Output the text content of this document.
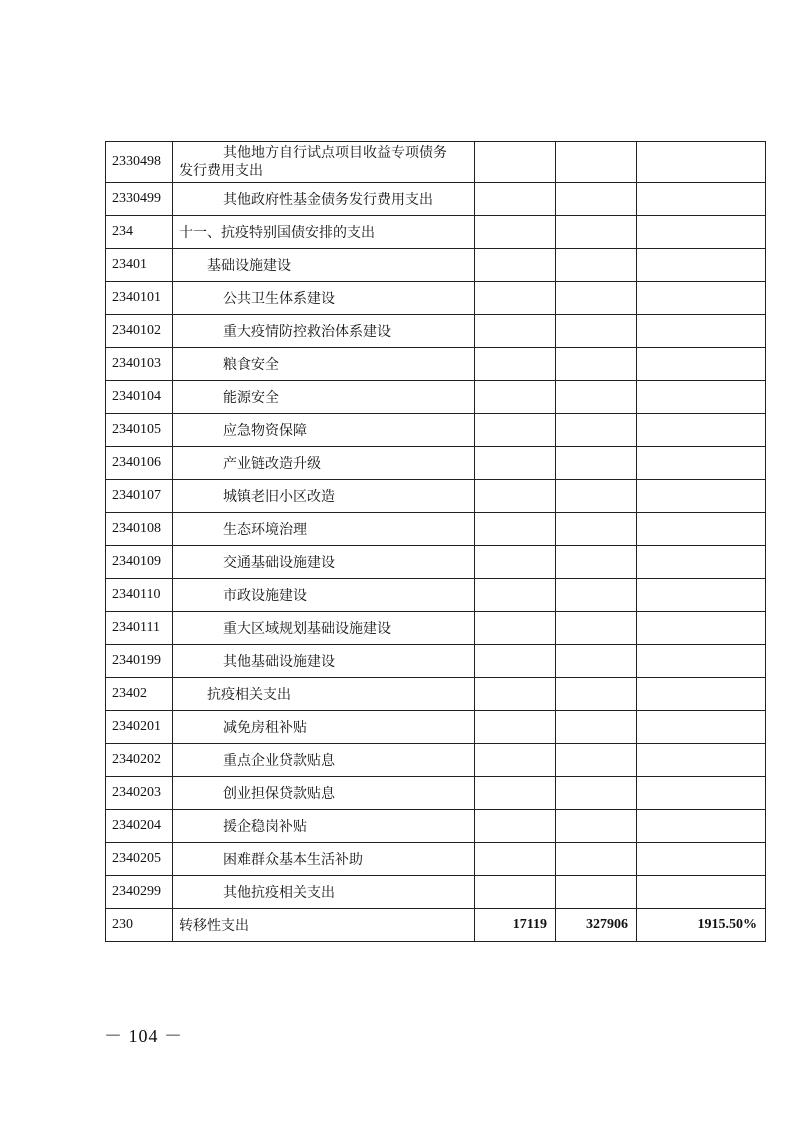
2330498	其他地方自行试点项目收益专项债务
发行费用支出			
2330499	其他政府性基金债务发行费用支出			
234	十一、抗疫特别国债安排的支出			
23401	基础设施建设			
2340101	公共卫生体系建设			
2340102	重大疫情防控救治体系建设			
2340103	粮食安全			
2340104	能源安全			
2340105	应急物资保障			
2340106	产业链改造升级			
2340107	城镇老旧小区改造			
2340108	生态环境治理			
2340109	交通基础设施建设			
2340110	市政设施建设			
2340111	重大区域规划基础设施建设			
2340199	其他基础设施建设			
23402	抗疫相关支出			
2340201	减免房租补贴			
2340202	重点企业贷款贴息			
2340203	创业担保贷款贴息			
2340204	援企稳岗补贴			
2340205	困难群众基本生活补助			
2340299	其他抗疫相关支出			
230	转移性支出	17119	327906	1915.50%
－ 104 －
